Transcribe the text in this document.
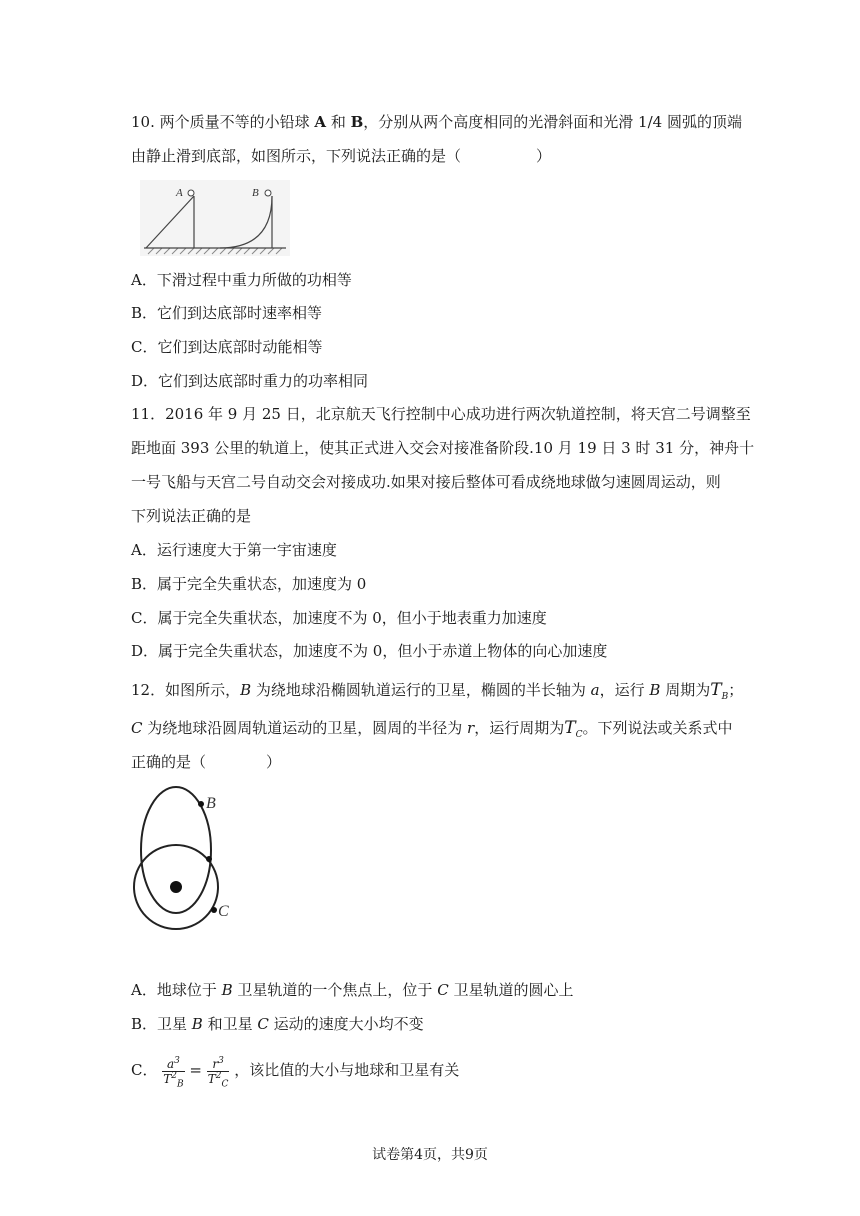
10. 两个质量不等的小铅球 A 和 B，分别从两个高度相同的光滑斜面和光滑 1/4 圆弧的顶端
由静止滑到底部，如图所示，下列说法正确的是（　　　　　）
A	B
A．下滑过程中重力所做的功相等
B．它们到达底部时速率相等
C．它们到达底部时动能相等
D．它们到达底部时重力的功率相同
11．2016 年 9 月 25 日，北京航天飞行控制中心成功进行两次轨道控制，将天宫二号调整至
距地面 393 公里的轨道上，使其正式进入交会对接准备阶段.10 月 19 日 3 时 31 分，神舟十
一号飞船与天宫二号自动交会对接成功.如果对接后整体可看成绕地球做匀速圆周运动，则
下列说法正确的是
A．运行速度大于第一宇宙速度
B．属于完全失重状态，加速度为 0
C．属于完全失重状态，加速度不为 0，但小于地表重力加速度
D．属于完全失重状态，加速度不为 0，但小于赤道上物体的向心加速度
12．如图所示，B 为绕地球沿椭圆轨道运行的卫星，椭圆的半长轴为 a，运行 B 周期为$T_B$；
C 为绕地球沿圆周轨道运动的卫星，圆周的半径为 r，运行周期为$T_C$。下列说法或关系式中
正确的是（　　　　）
B
C
A．地球位于 B 卫星轨道的一个焦点上，位于 C 卫星轨道的圆心上
B．卫星 B 和卫星 C 运动的速度大小均不变
C． $\frac{a^3}{T^2_B} = \frac{r^3}{T^2_C}$ ，该比值的大小与地球和卫星有关
试卷第4页，共9页
